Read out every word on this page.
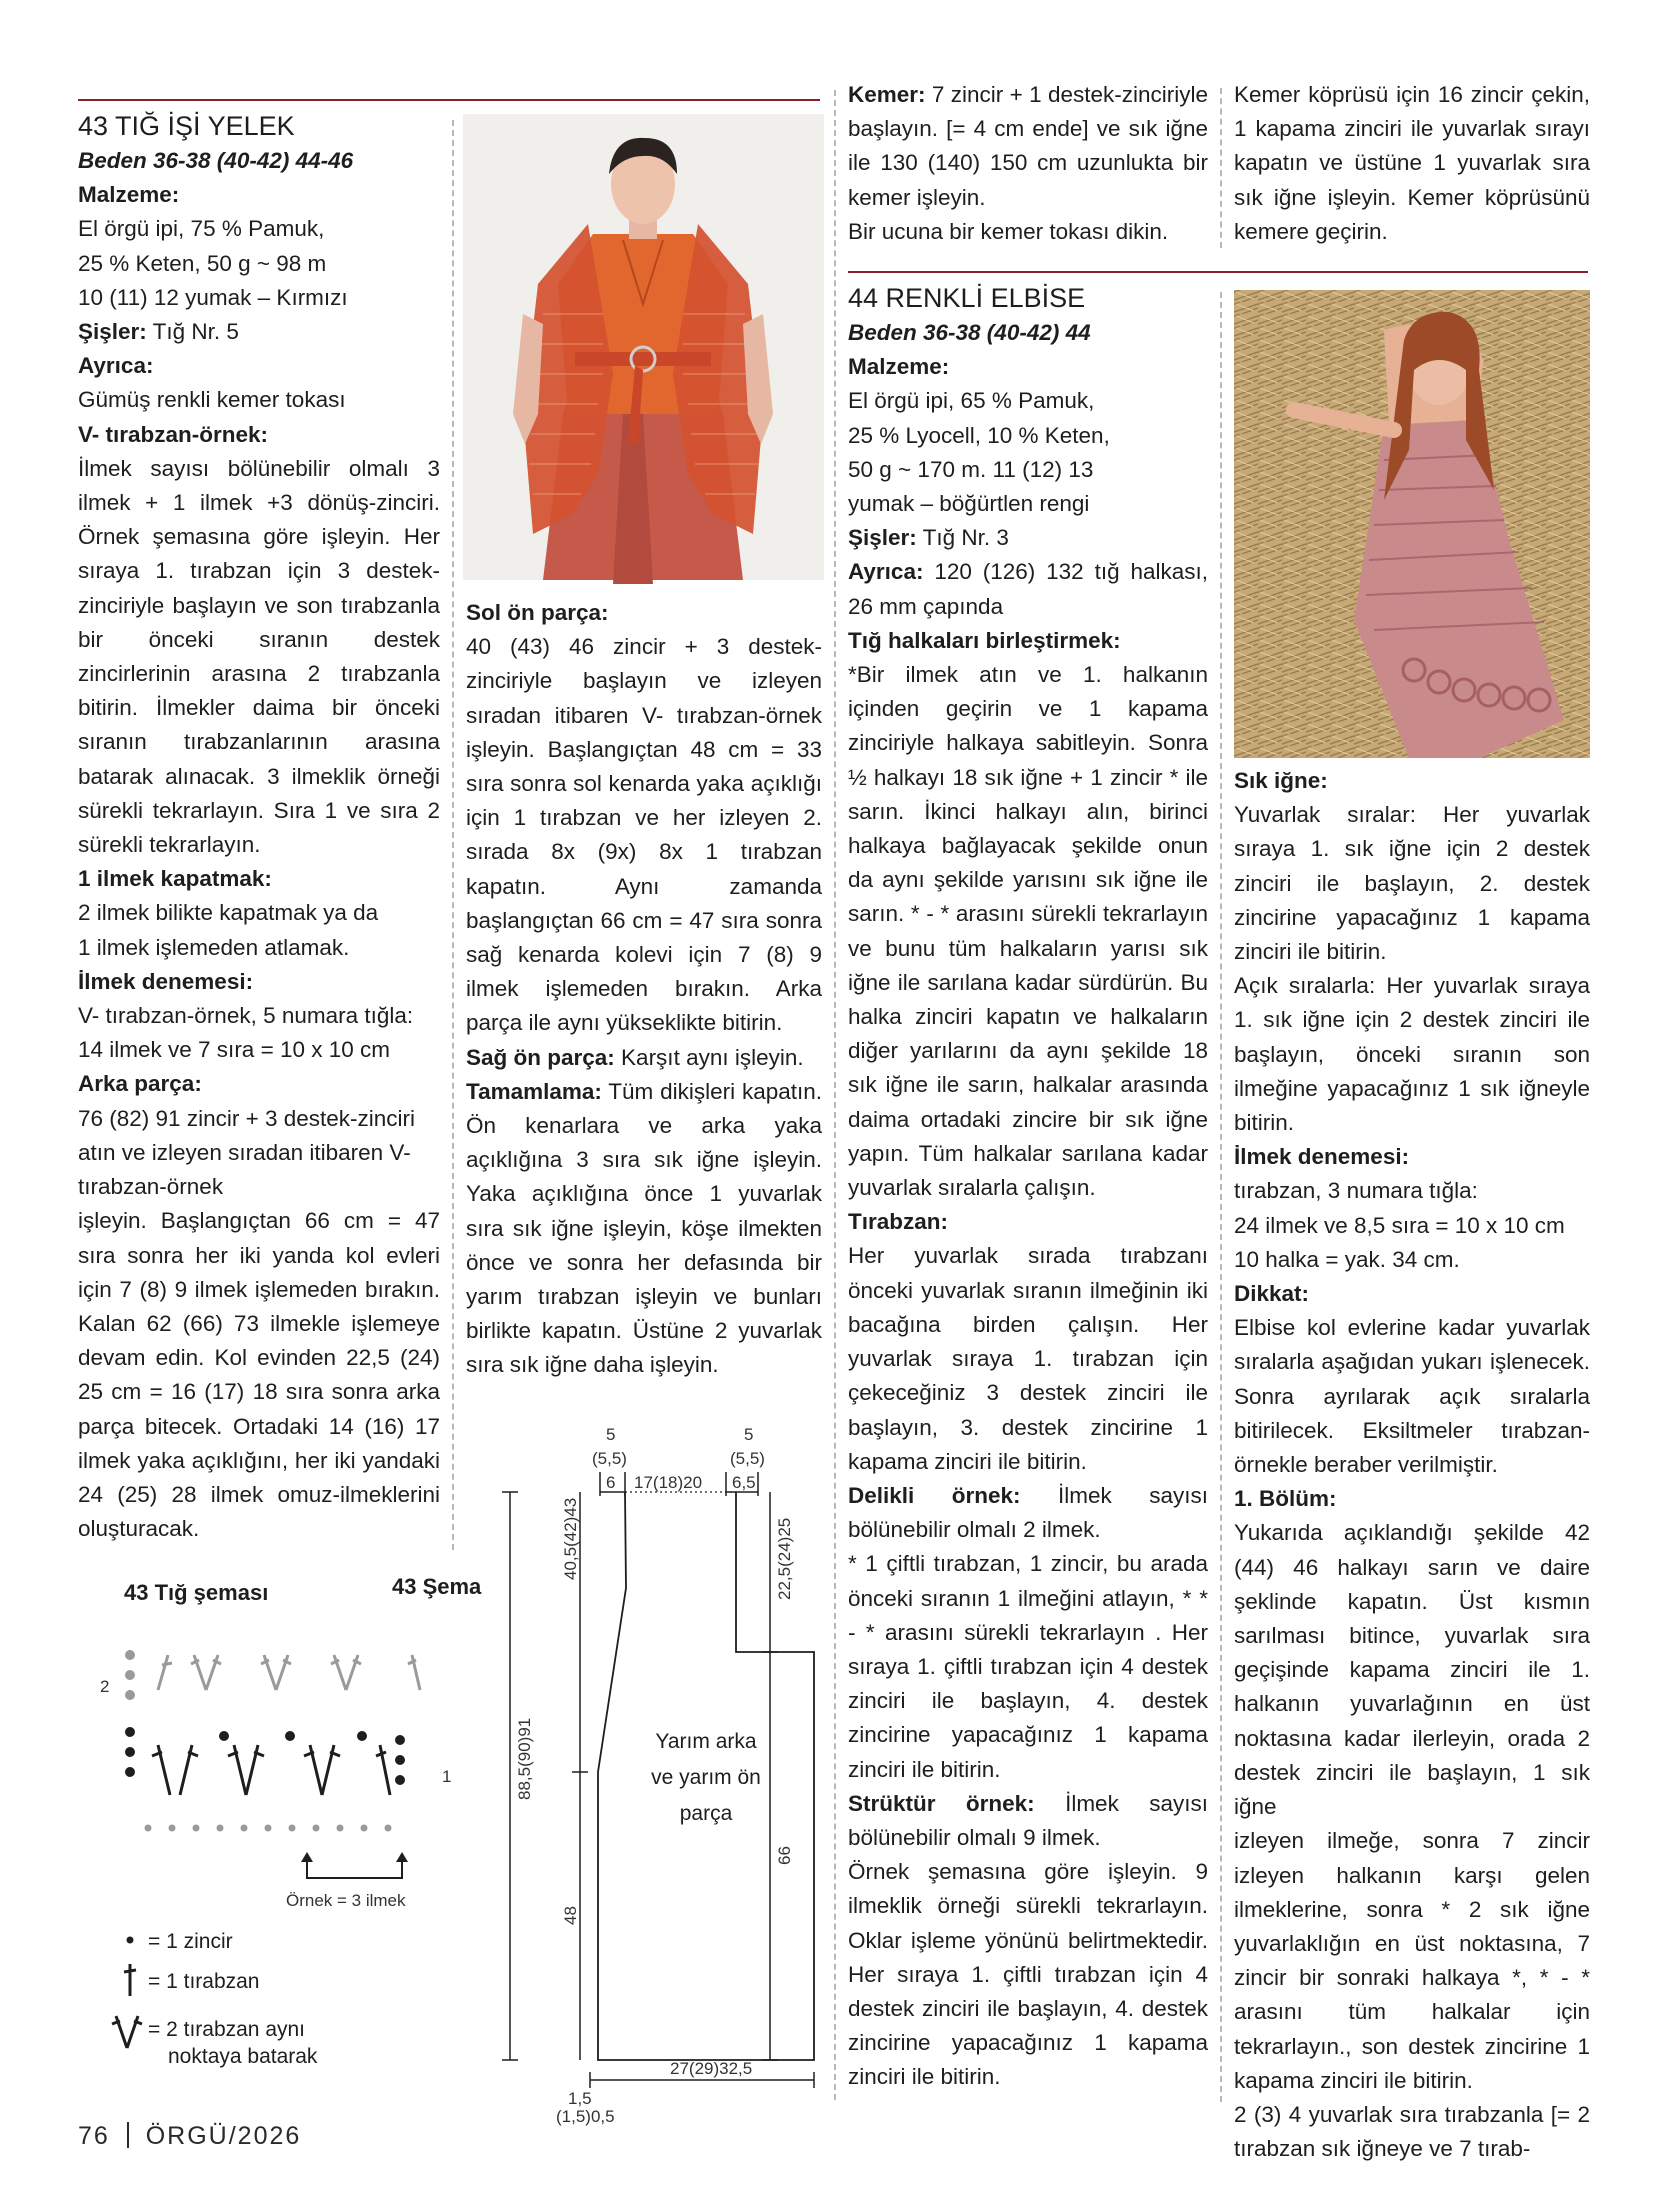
43 TIĞ İŞİ YELEK

Beden 36-38 (40-42) 44-46

Malzeme:

El örgü ipi, 75 % Pamuk,

25 % Keten, 50 g ~ 98 m

10 (11) 12 yumak – Kırmızı

Şişler: Tığ Nr. 5

Ayrıca:

Gümüş renkli kemer tokası

V- tırabzan-örnek:

İlmek sayısı bölünebilir olmalı 3 ilmek + 1 ilmek +3 dönüş-zinciri. Örnek şemasına göre işleyin. Her sıraya 1. tırabzan için 3 destek-zinciriyle başlayın ve son tırabzanla bir önceki sıranın destek zincirlerinin arasına 2 tırabzanla bitirin. İlmekler daima bir önceki sıranın tırabzanlarının arasına batarak alınacak. 3 ilmeklik örneği sürekli tekrarlayın. Sıra 1 ve sıra 2 sürekli tekrarlayın.

1 ilmek kapatmak:

2 ilmek bilikte kapatmak ya da

1 ilmek işlemeden atlamak.

İlmek denemesi:

V- tırabzan-örnek, 5 numara tığla:

14 ilmek ve 7 sıra = 10 x 10 cm

Arka parça:

76 (82) 91 zincir + 3 destek-zinciri

atın ve izleyen sıradan itibaren V-

tırabzan-örnek

işleyin. Başlangıçtan 66 cm = 47 sıra sonra her iki yanda kol evleri için 7 (8) 9 ilmek işlemeden bırakın. Kalan 62 (66) 73 ilmekle işlemeye devam edin. Kol evinden 22,5 (24) 25 cm = 16 (17) 18 sıra sonra arka parça bitecek. Ortadaki 14 (16) 17 ilmek yaka açıklığını, her iki yandaki 24 (25) 28 ilmek omuz-ilmeklerini oluşturacak.

Sol ön parça:

40 (43) 46 zincir + 3 destek-zinciriyle başlayın ve izleyen sıradan itibaren V- tırabzan-örnek işleyin. Başlangıçtan 48 cm = 33 sıra sonra sol kenarda yaka açıklığı için 1 tırabzan ve her izleyen 2. sırada 8x (9x) 8x 1 tırabzan kapatın. Aynı zamanda başlangıçtan 66 cm = 47 sıra sonra sağ kenarda kolevi için 7 (8) 9 ilmek işlemeden bırakın. Arka parça ile aynı yükseklikte bitirin.

Sağ ön parça: Karşıt aynı işleyin.

Tamamlama: Tüm dikişleri kapatın. Ön kenarlara ve arka yaka açıklığına 3 sıra sık iğne işleyin. Yaka açıklığına önce 1 yuvarlak sıra sık iğne işleyin, köşe ilmekten önce ve sonra her defasında bir yarım tırabzan işleyin ve bunları birlikte kapatın. Üstüne 2 yuvarlak sıra sık iğne daha işleyin.

Kemer: 7 zincir + 1 destek-zinciriyle başlayın. [= 4 cm ende] ve sık iğne ile 130 (140) 150 cm uzunlukta bir kemer işleyin.

Bir ucuna bir kemer tokası dikin.

44 RENKLİ ELBİSE

Beden 36-38 (40-42) 44

Malzeme:

El örgü ipi, 65 % Pamuk,

25 % Lyocell, 10 % Keten,

50 g ~ 170 m. 11 (12) 13

yumak – böğürtlen rengi

Şişler: Tığ Nr. 3

Ayrıca: 120 (126) 132 tığ halkası, 26 mm çapında

Tığ halkaları birleştirmek:

*Bir ilmek atın ve 1. halkanın içinden geçirin ve 1 kapama zinciriyle halkaya sabitleyin. Sonra ½ halkayı 18 sık iğne + 1 zincir * ile sarın. İkinci halkayı alın, birinci halkaya bağlayacak şekilde onun da aynı şekilde yarısını sık iğne ile sarın. * - * arasını sürekli tekrarlayın ve bunu tüm halkaların yarısı sık iğne ile sarılana kadar sürdürün. Bu halka zinciri kapatın ve halkaların diğer yarılarını da aynı şekilde 18 sık iğne ile sarın, halkalar arasında daima ortadaki zincire bir sık iğne yapın. Tüm halkalar sarılana kadar yuvarlak sıralarla çalışın.

Tırabzan:

Her yuvarlak sırada tırabzanı önceki yuvarlak sıranın ilmeğinin iki bacağına birden çalışın. Her yuvarlak sıraya 1. tırabzan için çekeceğiniz 3 destek zinciri ile başlayın, 3. destek zincirine 1 kapama zinciri ile bitirin.

Delikli örnek: İlmek sayısı bölünebilir olmalı 2 ilmek.

* 1 çiftli tırabzan, 1 zincir, bu arada önceki sıranın 1 ilmeğini atlayın, * * - * arasını sürekli tekrarlayın . Her sıraya 1. çiftli tırabzan için 4 destek zinciri ile başlayın, 4. destek zincirine yapacağınız 1 kapama zinciri ile bitirin.

Strüktür örnek: İlmek sayısı bölünebilir olmalı 9 ilmek.

Örnek şemasına göre işleyin. 9 ilmeklik örneği sürekli tekrarlayın. Oklar işleme yönünü belirtmektedir. Her sıraya 1. çiftli tırabzan için 4 destek zinciri ile başlayın, 4. destek zincirine yapacağınız 1 kapama zinciri ile bitirin.

Kemer köprüsü için 16 zincir çekin, 1 kapama zinciri ile yuvarlak sırayı kapatın ve üstüne 1 yuvarlak sıra sık iğne işleyin. Kemer köprüsünü kemere geçirin.

Sık iğne:

Yuvarlak sıralar: Her yuvarlak sıraya 1. sık iğne için 2 destek zinciri ile başlayın, 2. destek zincirine yapacağınız 1 kapama zinciri ile bitirin.

Açık sıralarla: Her yuvarlak sıraya 1. sık iğne için 2 destek zinciri ile başlayın, önceki sıranın son ilmeğine yapacağınız 1 sık iğneyle bitirin.

İlmek denemesi:

tırabzan, 3 numara tığla:

24 ilmek ve 8,5 sıra = 10 x 10 cm

10 halka = yak. 34 cm.

Dikkat:

Elbise kol evlerine kadar yuvarlak sıralarla aşağıdan yukarı işlenecek. Sonra ayrılarak açık sıralarla bitirilecek. Eksiltmeler tırabzan-örnekle beraber verilmiştir.

1. Bölüm:

Yukarıda açıklandığı şekilde 42 (44) 46 halkayı sarın ve daire şeklinde kapatın. Üst kısmın sarılması bitince, yuvarlak sıra geçişinde kapama zinciri ile 1. halkanın yuvarlağının en üst noktasına kadar ilerleyin, orada 2 destek zinciri ile başlayın, 1 sık iğne

izleyen ilmeğe, sonra 7 zincir izleyen halkanın karşı gelen ilmeklerine, sonra * 2 sık iğne yuvarlaklığın en üst noktasına, 7 zincir bir sonraki halkaya *, * - * arasını tüm halkalar için tekrarlayın., son destek zincirine 1 kapama zinciri ile bitirin.

2 (3) 4 yuvarlak sıra tırabzanla [= 2 tırabzan sık iğneye ve 7 tırab-

43 Tığ şeması
2
1
Örnek = 3 ilmek
= 1 zincir
= 1 tırabzan
= 2 tırabzan aynı
noktaya batarak
43 Şema
5
(5,5)
6 17(18)20
5
(5,5)
6,5
88,5(90)91
40,5(42)43	22,5(24)25
48
66
Yarım arka
ve yarım ön
parça
27(29)32,5
1,5
(1,5)0,5
76 ÖRGÜ/2026
